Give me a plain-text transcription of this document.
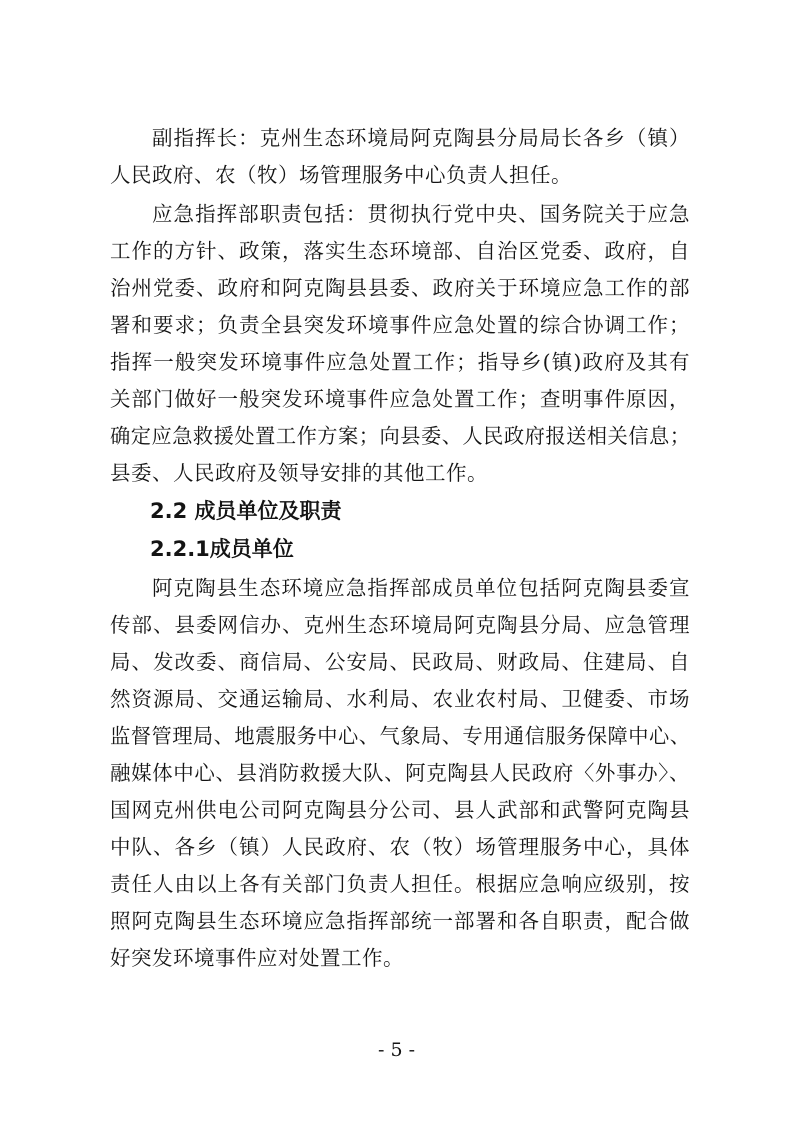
副指挥长：克州生态环境局阿克陶县分局局长各乡（镇）
人民政府、农（牧）场管理服务中心负责人担任。
应急指挥部职责包括：贯彻执行党中央、国务院关于应急
工作的方针、政策，落实生态环境部、自治区党委、政府，自
治州党委、政府和阿克陶县县委、政府关于环境应急工作的部
署和要求；负责全县突发环境事件应急处置的综合协调工作；
指挥一般突发环境事件应急处置工作；指导乡(镇)政府及其有
关部门做好一般突发环境事件应急处置工作；查明事件原因，
确定应急救援处置工作方案；向县委、人民政府报送相关信息；
县委、人民政府及领导安排的其他工作。
2.2 成员单位及职责
2.2.1成员单位
阿克陶县生态环境应急指挥部成员单位包括阿克陶县委宣
传部、县委网信办、克州生态环境局阿克陶县分局、应急管理
局、发改委、商信局、公安局、民政局、财政局、住建局、自
然资源局、交通运输局、水利局、农业农村局、卫健委、市场
监督管理局、地震服务中心、气象局、专用通信服务保障中心、
融媒体中心、县消防救援大队、阿克陶县人民政府〈外事办〉、
国网克州供电公司阿克陶县分公司、县人武部和武警阿克陶县
中队、各乡（镇）人民政府、农（牧）场管理服务中心，具体
责任人由以上各有关部门负责人担任。根据应急响应级别，按
照阿克陶县生态环境应急指挥部统一部署和各自职责，配合做
好突发环境事件应对处置工作。
- 5 -
